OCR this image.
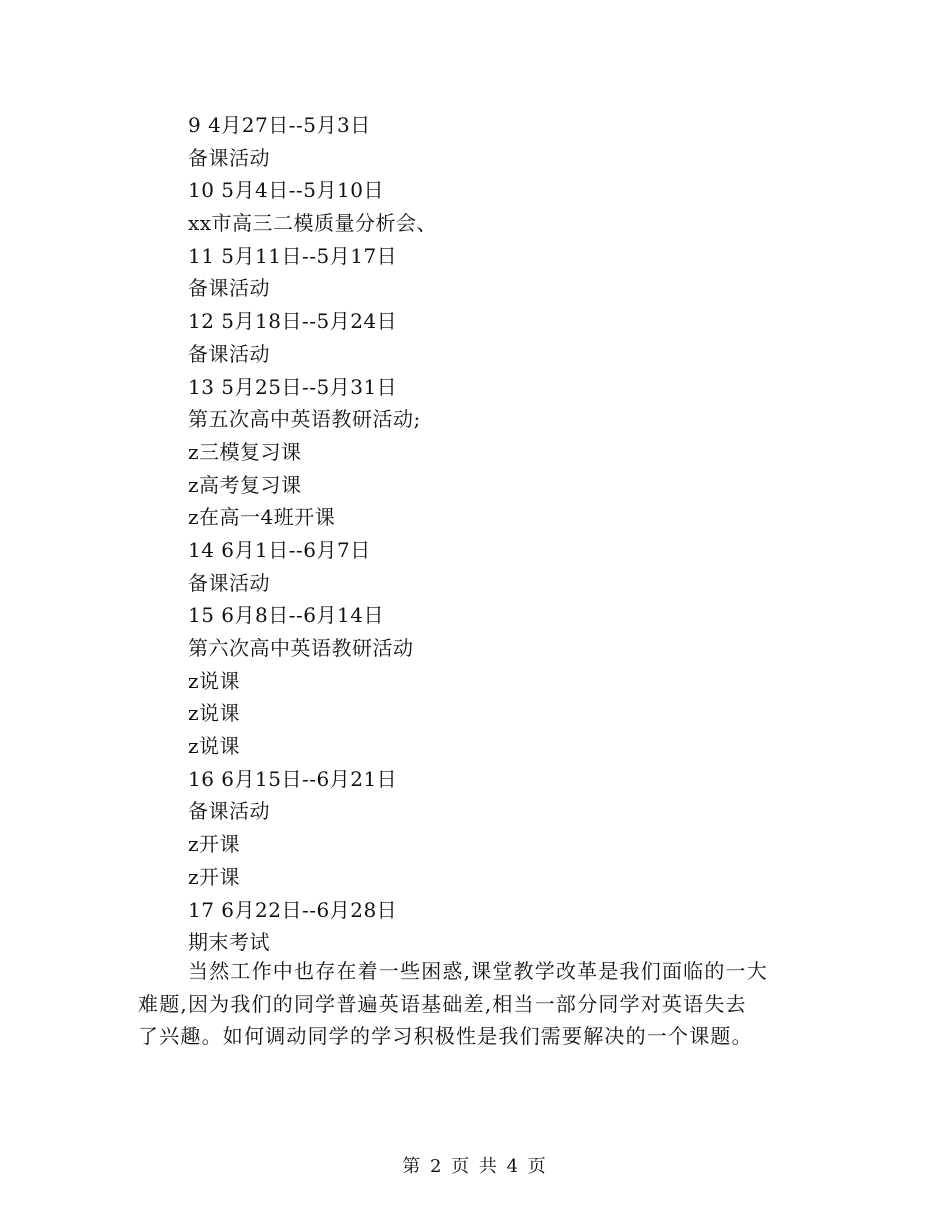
9 4月27日--5月3日
备课活动
10 5月4日--5月10日
xx市高三二模质量分析会、
11 5月11日--5月17日
备课活动
12 5月18日--5月24日
备课活动
13 5月25日--5月31日
第五次高中英语教研活动;
z三模复习课
z高考复习课
z在高一4班开课
14 6月1日--6月7日
备课活动
15 6月8日--6月14日
第六次高中英语教研活动
z说课
z说课
z说课
16 6月15日--6月21日
备课活动
z开课
z开课
17 6月22日--6月28日
期末考试
当然工作中也存在着一些困惑,课堂教学改革是我们面临的一大
难题,因为我们的同学普遍英语基础差,相当一部分同学对英语失去
了兴趣。如何调动同学的学习积极性是我们需要解决的一个课题。
第 2 页 共 4 页
